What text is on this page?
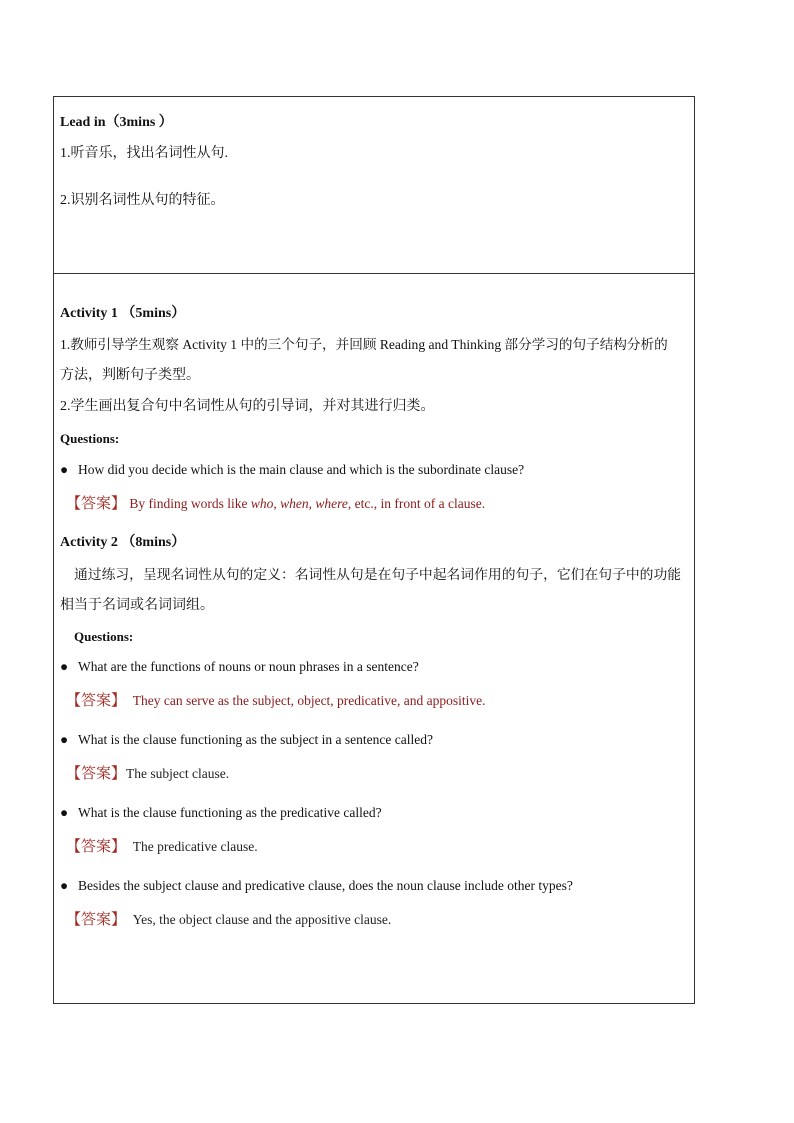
Lead in（3mins ）
1.听音乐，找出名词性从句.
2.识别名词性从句的特征。
Activity 1 （5mins）
1.教师引导学生观察 Activity 1 中的三个句子，并回顾 Reading and Thinking 部分学习的句子结构分析的
方法，判断句子类型。
2.学生画出复合句中名词性从句的引导词，并对其进行归类。
Questions:
● How did you decide which is the main clause and which is the subordinate clause?
【答案】 By finding words like who, when, where, etc., in front of a clause.
Activity 2 （8mins）
通过练习，呈现名词性从句的定义：名词性从句是在句子中起名词作用的句子，它们在句子中的功能
相当于名词或名词词组。
Questions:
● What are the functions of nouns or noun phrases in a sentence?
【答案】 They can serve as the subject, object, predicative, and appositive.
● What is the clause functioning as the subject in a sentence called?
【答案】The subject clause.
● What is the clause functioning as the predicative called?
【答案】 The predicative clause.
● Besides the subject clause and predicative clause, does the noun clause include other types?
【答案】 Yes, the object clause and the appositive clause.
